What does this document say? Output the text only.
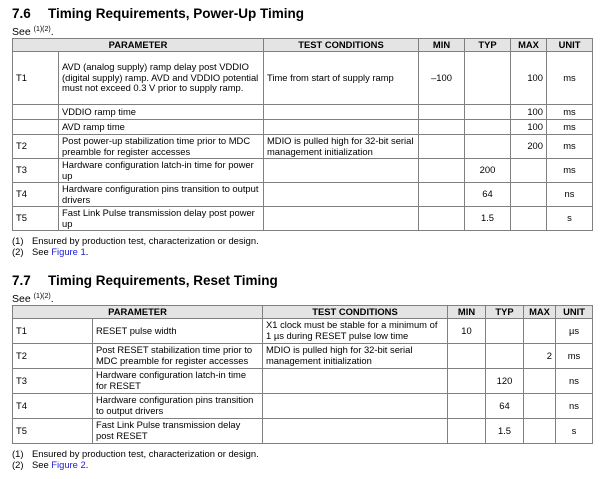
7.6 Timing Requirements, Power-Up Timing
See $^{(1)(2)}$.
PARAMETER		TEST CONDITIONS	MIN	TYP	MAX	UNIT
T1	AVD (analog supply) ramp delay post VDDIO (digital supply) ramp. AVD and VDDIO potential must not exceed 0.3 V prior to supply ramp.	Time from start of supply ramp	–100		100	ms
	VDDIO ramp time				100	ms
	AVD ramp time				100	ms
T2	Post power-up stabilization time prior to MDC preamble for register accesses	MDIO is pulled high for 32-bit serial management initialization			200	ms
T3	Hardware configuration latch-in time for power up			200		ms
T4	Hardware configuration pins transition to output drivers			64		ns
T5	Fast Link Pulse transmission delay post power up			1.5		s
(1) Ensured by production test, characterization or design.
(2) See Figure 1.
7.7 Timing Requirements, Reset Timing
See $^{(1)(2)}$.
PARAMETER		TEST CONDITIONS	MIN	TYP	MAX	UNIT
T1	RESET pulse width	X1 clock must be stable for a minimum of 1 µs during RESET pulse low time	10			µs
T2	Post RESET stabilization time prior to MDC preamble for register accesses	MDIO is pulled high for 32-bit serial management initialization			2	ms
T3	Hardware configuration latch-in time for RESET			120		ns
T4	Hardware configuration pins transition to output drivers			64		ns
T5	Fast Link Pulse transmission delay post RESET			1.5		s
(1) Ensured by production test, characterization or design.
(2) See Figure 2.
